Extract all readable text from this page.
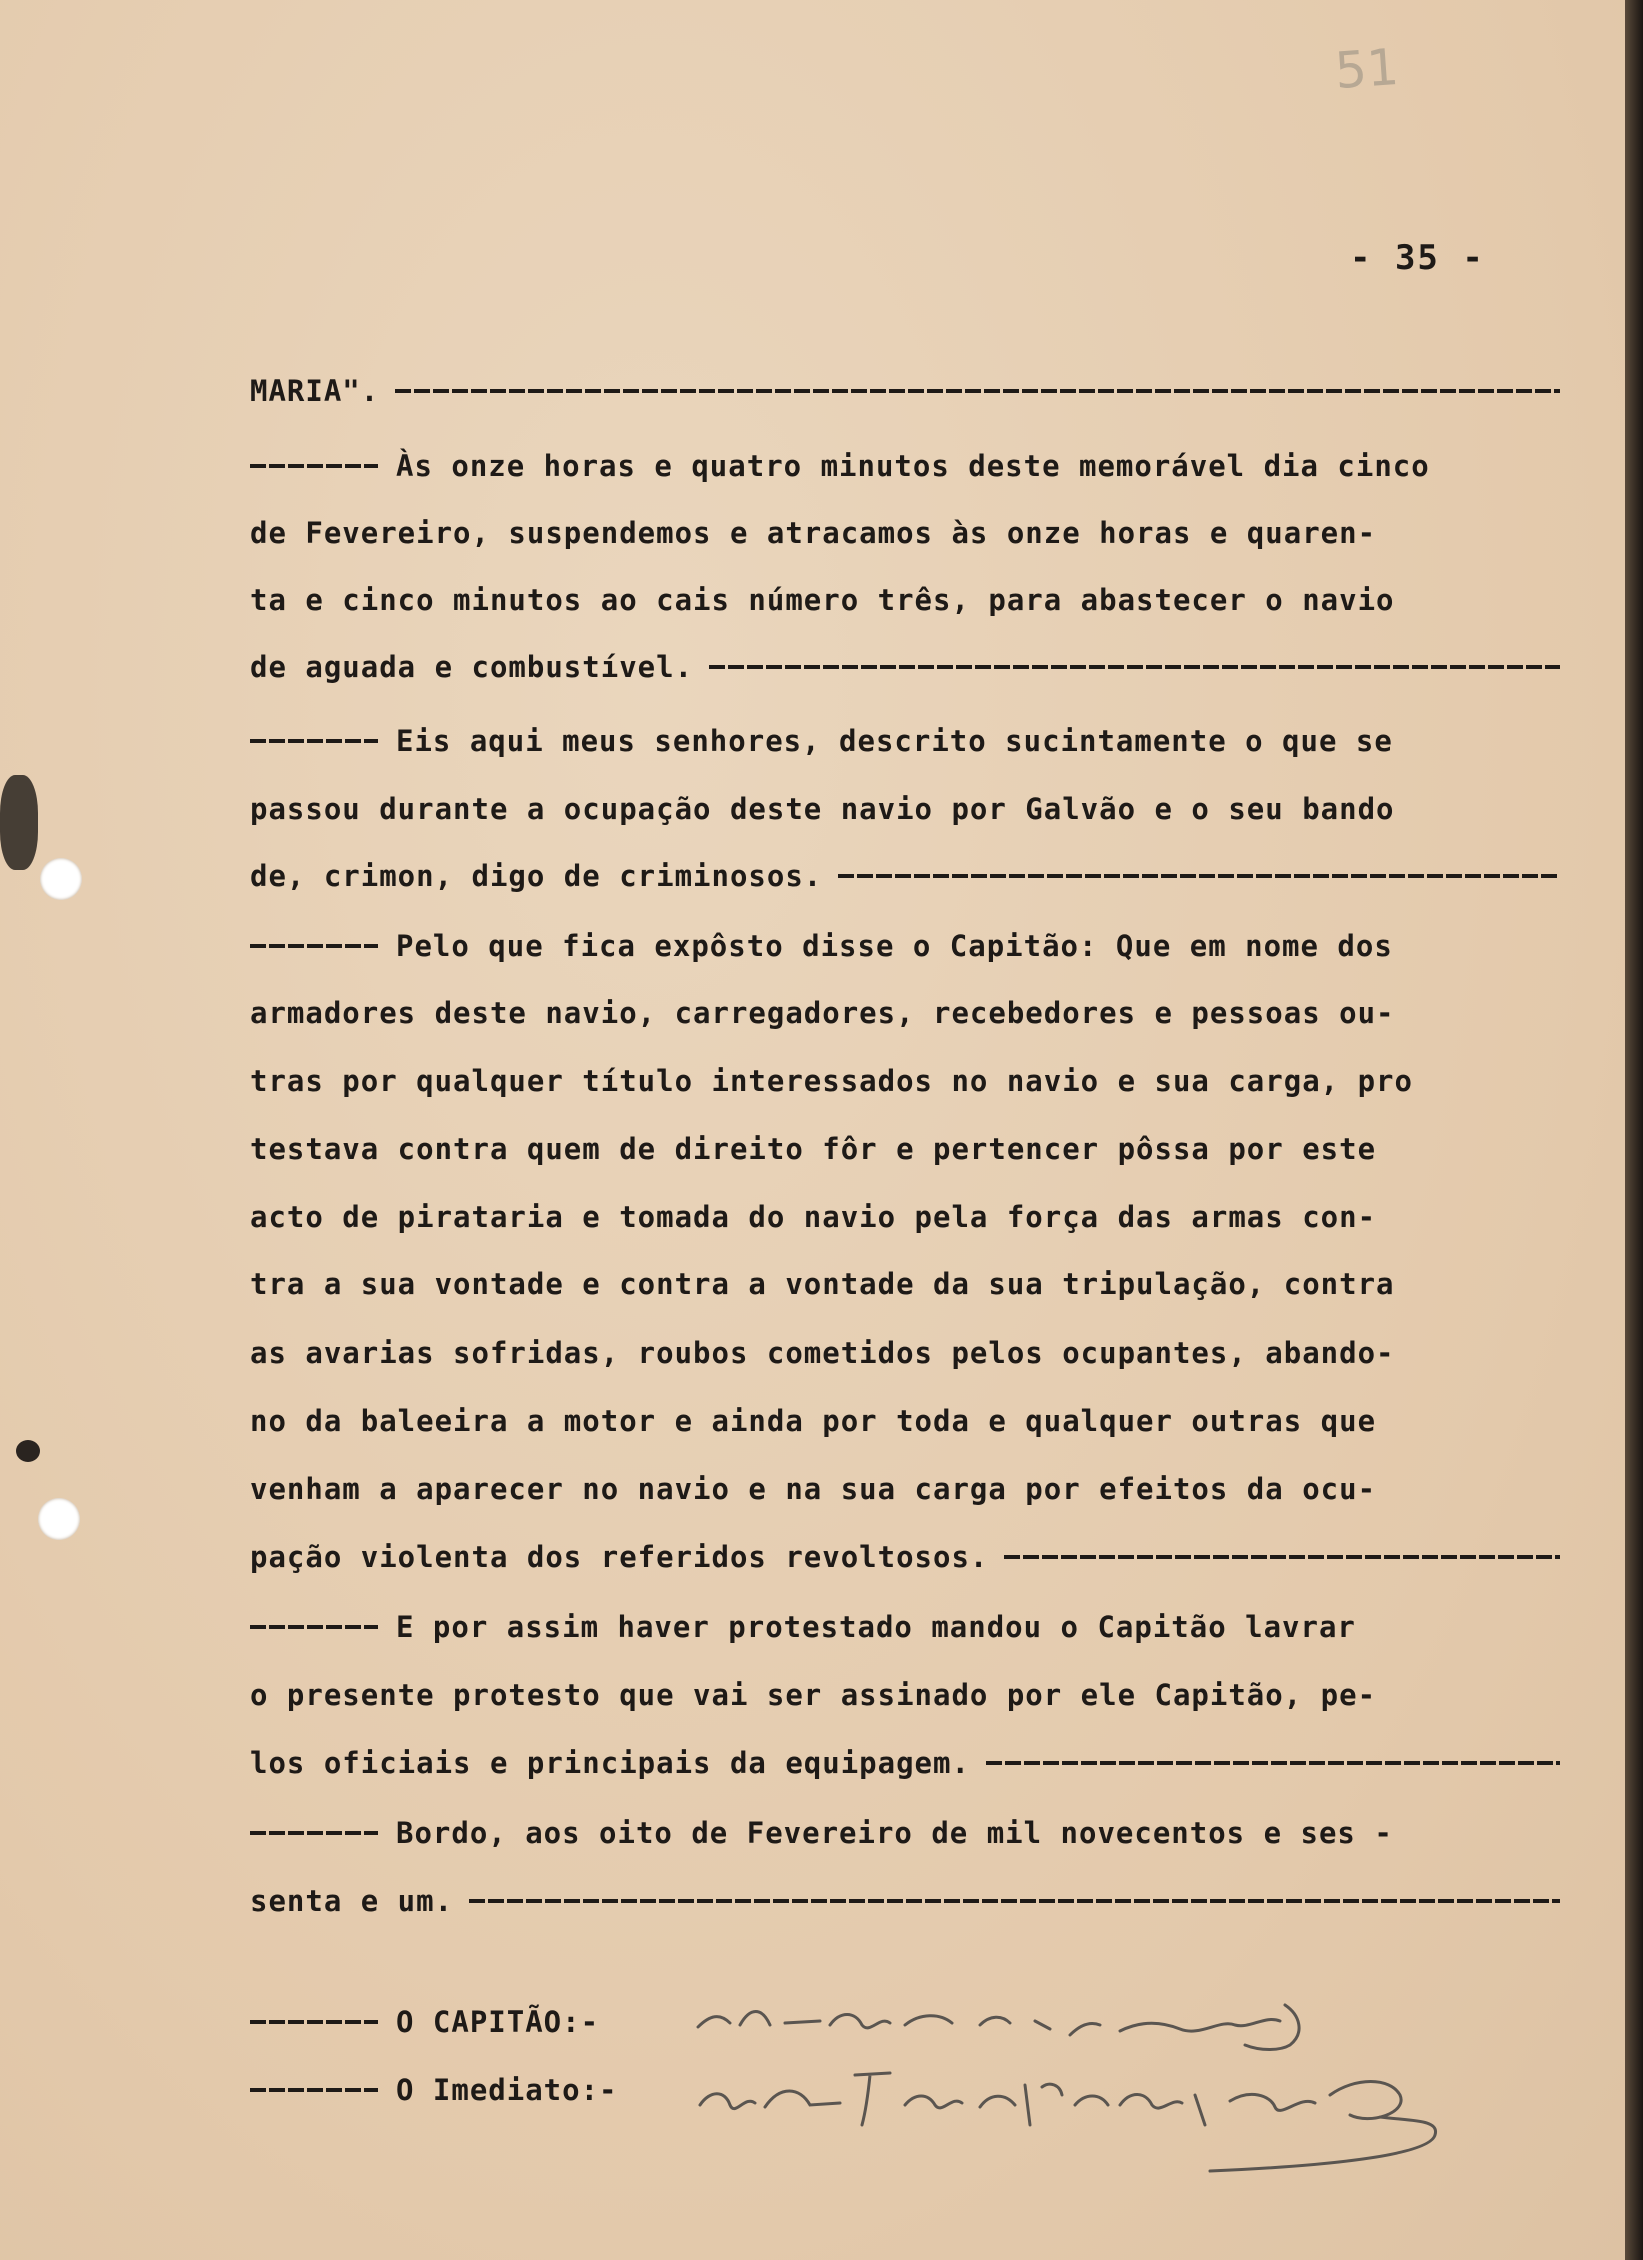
51
- 35 -
MARIA".
Às onze horas e quatro minutos deste memorável dia cinco
de Fevereiro, suspendemos e atracamos às onze horas e quaren-
ta e cinco minutos ao cais número três, para abastecer o navio
de aguada e combustível.
Eis aqui meus senhores, descrito sucintamente o que se
passou durante a ocupação deste navio por Galvão e o seu bando
de, crimon, digo de criminosos.
Pelo que fica expôsto disse o Capitão: Que em nome dos
armadores deste navio, carregadores, recebedores e pessoas ou-
tras por qualquer título interessados no navio e sua carga, pro
testava contra quem de direito fôr e pertencer pôssa por este
acto de pirataria e tomada do navio pela força das armas con-
tra a sua vontade e contra a vontade da sua tripulação, contra
as avarias sofridas, roubos cometidos pelos ocupantes, abando-
no da baleeira a motor e ainda por toda e qualquer outras que
venham a aparecer no navio e na sua carga por efeitos da ocu-
pação violenta dos referidos revoltosos.
E por assim haver protestado mandou o Capitão lavrar
o presente protesto que vai ser assinado por ele Capitão, pe-
los oficiais e principais da equipagem.
Bordo, aos oito de Fevereiro de mil novecentos e ses -
senta e um.
O CAPITÃO:-
O Imediato:-
